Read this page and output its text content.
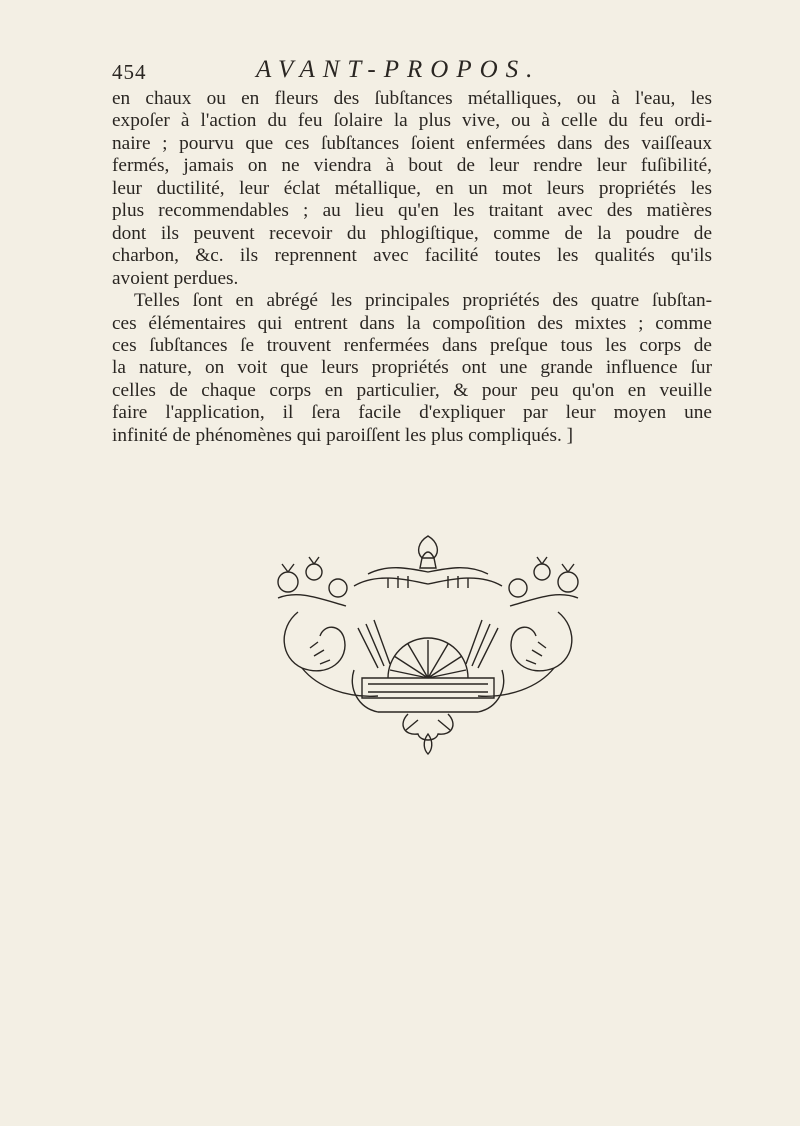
454	AVANT-PROPOS.
en chaux ou en fleurs des ſubſtances métalliques, ou à l'eau, les
expoſer à l'action du feu ſolaire la plus vive, ou à celle du feu ordi-
naire ; pourvu que ces ſubſtances ſoient enfermées dans des vaiſſeaux
fermés, jamais on ne viendra à bout de leur rendre leur fuſibilité,
leur ductilité, leur éclat métallique, en un mot leurs propriétés les
plus recommendables ; au lieu qu'en les traitant avec des matières
dont ils peuvent recevoir du phlogiſtique, comme de la poudre de
charbon, &c. ils reprennent avec facilité toutes les qualités qu'ils
avoient perdues.
Telles ſont en abrégé les principales propriétés des quatre ſubſtan-
ces élémentaires qui entrent dans la compoſition des mixtes ; comme
ces ſubſtances ſe trouvent renfermées dans preſque tous les corps de
la nature, on voit que leurs propriétés ont une grande influence ſur
celles de chaque corps en particulier, & pour peu qu'on en veuille
faire l'application, il ſera facile d'expliquer par leur moyen une
infinité de phénomènes qui paroiſſent les plus compliqués. ]
